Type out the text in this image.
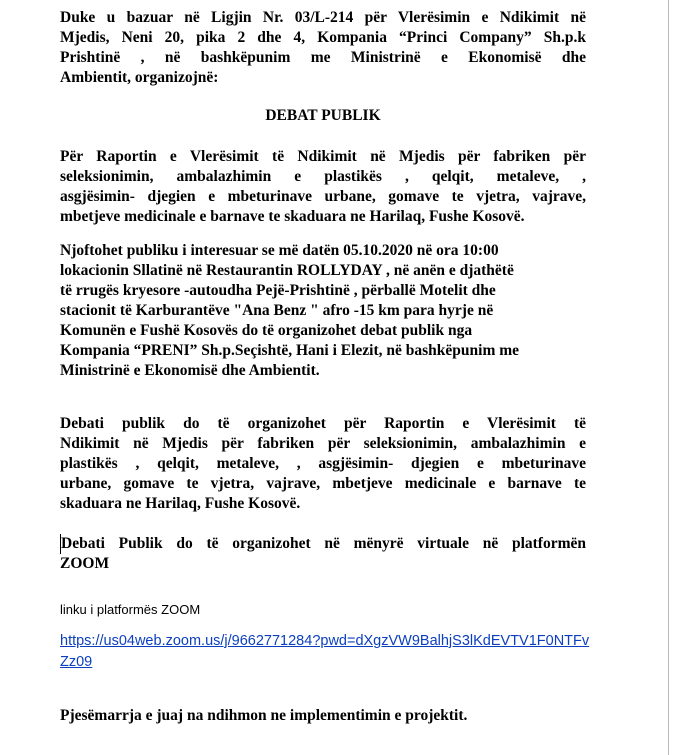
Duke u bazuar në Ligjin Nr. 03/L-214 për Vlerësimin e Ndikimit në
Mjedis, Neni 20, pika 2 dhe 4, Kompania “Princi Company” Sh.p.k
Prishtinë , në bashkëpunim me Ministrinë e Ekonomisë dhe
Ambientit, organizojnë:
DEBAT PUBLIK
Për Raportin e Vlerësimit të Ndikimit në Mjedis për fabriken për
seleksionimin, ambalazhimin e plastikës , qelqit, metaleve, ,
asgjësimin- djegien e mbeturinave urbane, gomave te vjetra, vajrave,
mbetjeve medicinale e barnave te skaduara ne Harilaq, Fushe Kosovë.
Njoftohet publiku i interesuar se më datën 05.10.2020 në ora 10:00
lokacionin Sllatinë në Restaurantin ROLLYDAY , në anën e djathëtë
të rrugës kryesore -autoudha Pejë-Prishtinë , përballë Motelit dhe
stacionit të Karburantëve "Ana Benz " afro -15 km para hyrje në
Komunën e Fushë Kosovës do të organizohet debat publik nga
Kompania “PRENI” Sh.p.Seçishtë, Hani i Elezit, në bashkëpunim me
Ministrinë e Ekonomisë dhe Ambientit.
Debati publik do të organizohet për Raportin e Vlerësimit të
Ndikimit në Mjedis për fabriken për seleksionimin, ambalazhimin e
plastikës , qelqit, metaleve, , asgjësimin- djegien e mbeturinave
urbane, gomave te vjetra, vajrave, mbetjeve medicinale e barnave te
skaduara ne Harilaq, Fushe Kosovë.
Debati Publik do të organizohet në mënyrë virtuale në platformën
ZOOM
linku i platformës ZOOM
https://us04web.zoom.us/j/9662771284?pwd=dXgzVW9BalhjS3lKdEVTV1F0NTFv
Zz09
Pjesëmarrja e juaj na ndihmon ne implementimin e projektit.
